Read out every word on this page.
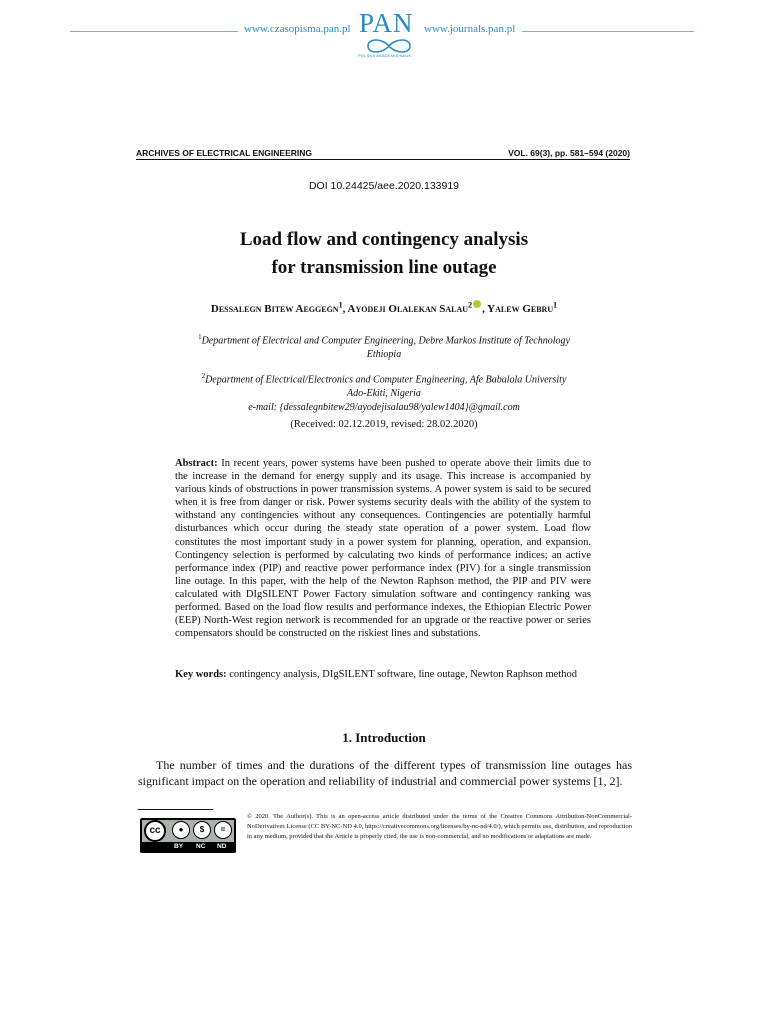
www.czasopisma.pan.pl PAN
POLSKA AKADEMIA NAUK
www.journals.pan.pl
ARCHIVES OF ELECTRICAL ENGINEERING	VOL. 69(3), pp. 581–594 (2020)
DOI 10.24425/aee.2020.133919
Load flow and contingency analysis
for transmission line outage
Dessalegn Bitew Aeggegn$^1$, Ayodeji Olalekan Salau$^2$ , Yalew Gebru$^1$
$^1$Department of Electrical and Computer Engineering, Debre Markos Institute of Technology
Ethiopia
$^2$Department of Electrical/Electronics and Computer Engineering, Afe Babalola University
Ado-Ekiti, Nigeria
e-mail: {dessalegnbitew29/ayodejisalau98/yalew1404}@gmail.com
(Received: 02.12.2019, revised: 28.02.2020)
Abstract: In recent years, power systems have been pushed to operate above their limits due to the increase in the demand for energy supply and its usage. This increase is accompanied by various kinds of obstructions in power transmission systems. A power system is said to be secured when it is free from danger or risk. Power systems security deals with the ability of the system to withstand any contingencies without any consequences. Contingencies are potentially harmful disturbances which occur during the steady state operation of a power system. Load flow constitutes the most important study in a power system for planning, operation, and expansion. Contingency selection is performed by calculating two kinds of performance indices; an active performance index (PIP) and reactive power performance index (PIV) for a single transmission line outage. In this paper, with the help of the Newton Raphson method, the PIP and PIV were calculated with DIgSILENT Power Factory simulation software and contingency ranking was performed. Based on the load flow results and performance indexes, the Ethiopian Electric Power (EEP) North-West region network is recommended for an upgrade or the reactive power or series compensators should be constructed on the riskiest lines and substations.
Key words: contingency analysis, DIgSILENT software, line outage, Newton Raphson method
1. Introduction
The number of times and the durations of the different types of transmission line outages has significant impact on the operation and reliability of industrial and commercial power systems [1, 2].
cc	●	$	=
BY NC ND
© 2020. The Author(s). This is an open-access article distributed under the terms of the Creative Commons Attribution-NonCommercial-NoDerivatives License (CC BY-NC-ND 4.0, https://creativecommons.org/licenses/by-nc-nd/4.0/), which permits use, distribution, and reproduction in any medium, provided that the Article is properly cited, the use is non-commercial, and no modifications or adaptations are made.
